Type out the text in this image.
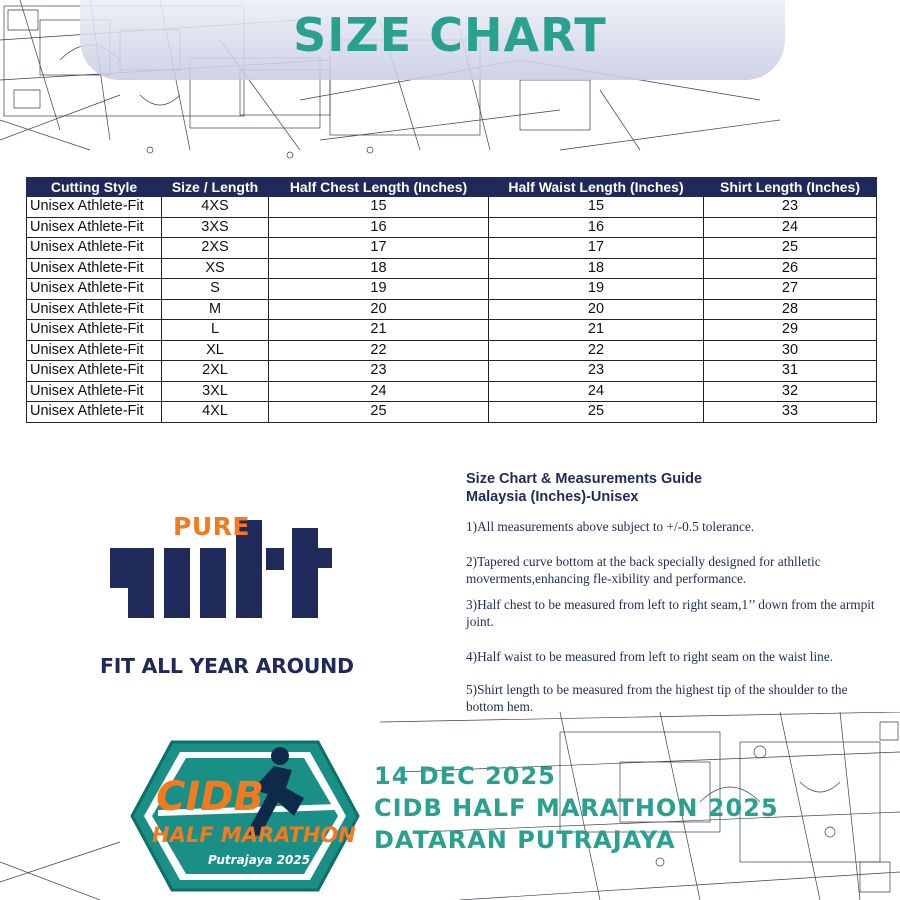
SIZE CHART
Cutting Style	Size / Length	Half Chest Length (Inches)	Half Waist Length (Inches)	Shirt Length (Inches)
Unisex Athlete-Fit	4XS	15	15	23
Unisex Athlete-Fit	3XS	16	16	24
Unisex Athlete-Fit	2XS	17	17	25
Unisex Athlete-Fit	XS	18	18	26
Unisex Athlete-Fit	S	19	19	27
Unisex Athlete-Fit	M	20	20	28
Unisex Athlete-Fit	L	21	21	29
Unisex Athlete-Fit	XL	22	22	30
Unisex Athlete-Fit	2XL	23	23	31
Unisex Athlete-Fit	3XL	24	24	32
Unisex Athlete-Fit	4XL	25	25	33
PURE
FIT ALL YEAR AROUND
Size Chart & Measurements Guide
Malaysia (Inches)-Unisex

1)All measurements above subject to +/-0.5 tolerance.

2)Tapered curve bottom at the back specially designed for athlletic moverments,enhancing fle-xibility and performance.

3)Half chest to be measured from left to right seam,1’’ down from the armpit joint.

4)Half waist to be measured from left to right seam on the waist line.

5)Shirt length to be measured from the highest tip of the shoulder to the bottom hem.

CIDB
HALF MARATHON
Putrajaya 2025
14 DEC 2025
CIDB HALF MARATHON 2025
DATARAN PUTRAJAYA
